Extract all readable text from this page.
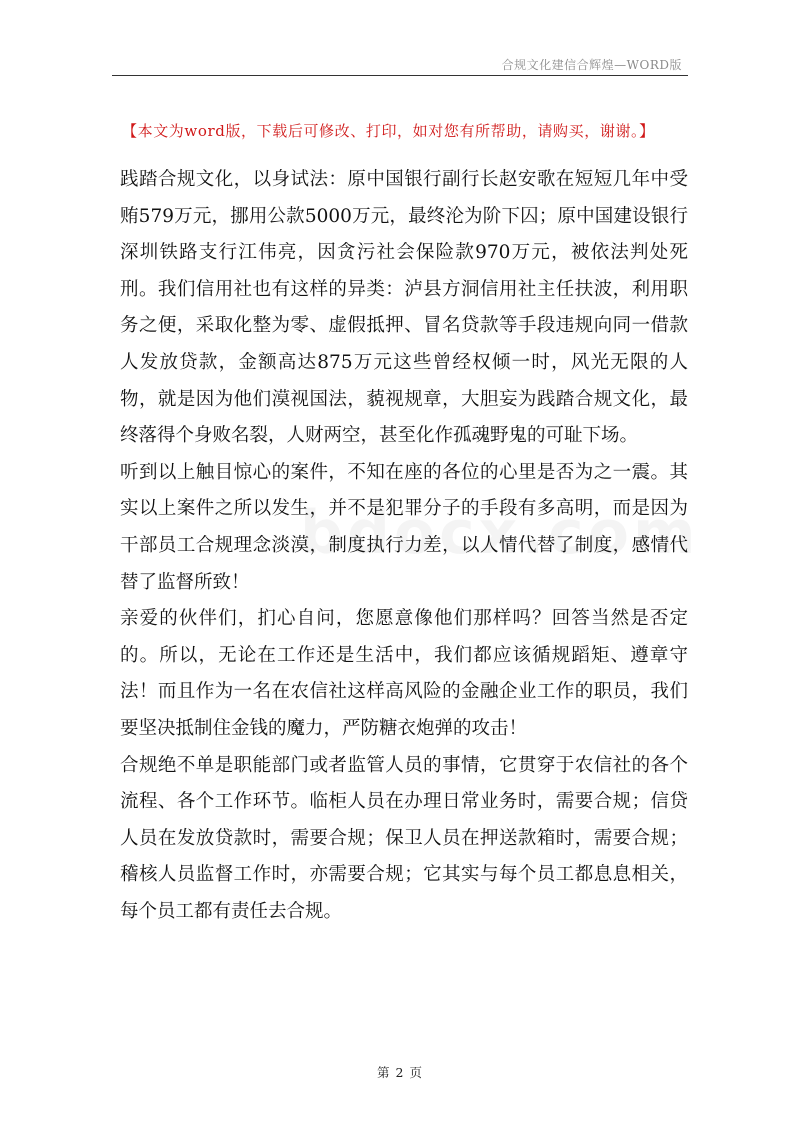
合规文化建信合辉煌—WORD版
【本文为word版，下载后可修改、打印，如对您有所帮助，请购买，谢谢。】

践踏合规文化，以身试法：原中国银行副行长赵安歌在短短几年中受贿579万元，挪用公款5000万元，最终沦为阶下囚；原中国建设银行深圳铁路支行江伟亮，因贪污社会保险款970万元，被依法判处死刑。我们信用社也有这样的异类：泸县方洞信用社主任扶波，利用职务之便，采取化整为零、虚假抵押、冒名贷款等手段违规向同一借款人发放贷款，金额高达875万元这些曾经权倾一时，风光无限的人物，就是因为他们漠视国法，藐视规章，大胆妄为践踏合规文化，最终落得个身败名裂，人财两空，甚至化作孤魂野鬼的可耻下场。

听到以上触目惊心的案件，不知在座的各位的心里是否为之一震。其实以上案件之所以发生，并不是犯罪分子的手段有多高明，而是因为干部员工合规理念淡漠，制度执行力差，以人情代替了制度，感情代替了监督所致！

亲爱的伙伴们，扪心自问，您愿意像他们那样吗？回答当然是否定的。所以，无论在工作还是生活中，我们都应该循规蹈矩、遵章守法！而且作为一名在农信社这样高风险的金融企业工作的职员，我们要坚决抵制住金钱的魔力，严防糖衣炮弹的攻击！

合规绝不单是职能部门或者监管人员的事情，它贯穿于农信社的各个流程、各个工作环节。临柜人员在办理日常业务时，需要合规；信贷人员在发放贷款时，需要合规；保卫人员在押送款箱时，需要合规；稽核人员监督工作时，亦需要合规；它其实与每个员工都息息相关，每个员工都有责任去合规。

第 2 页
